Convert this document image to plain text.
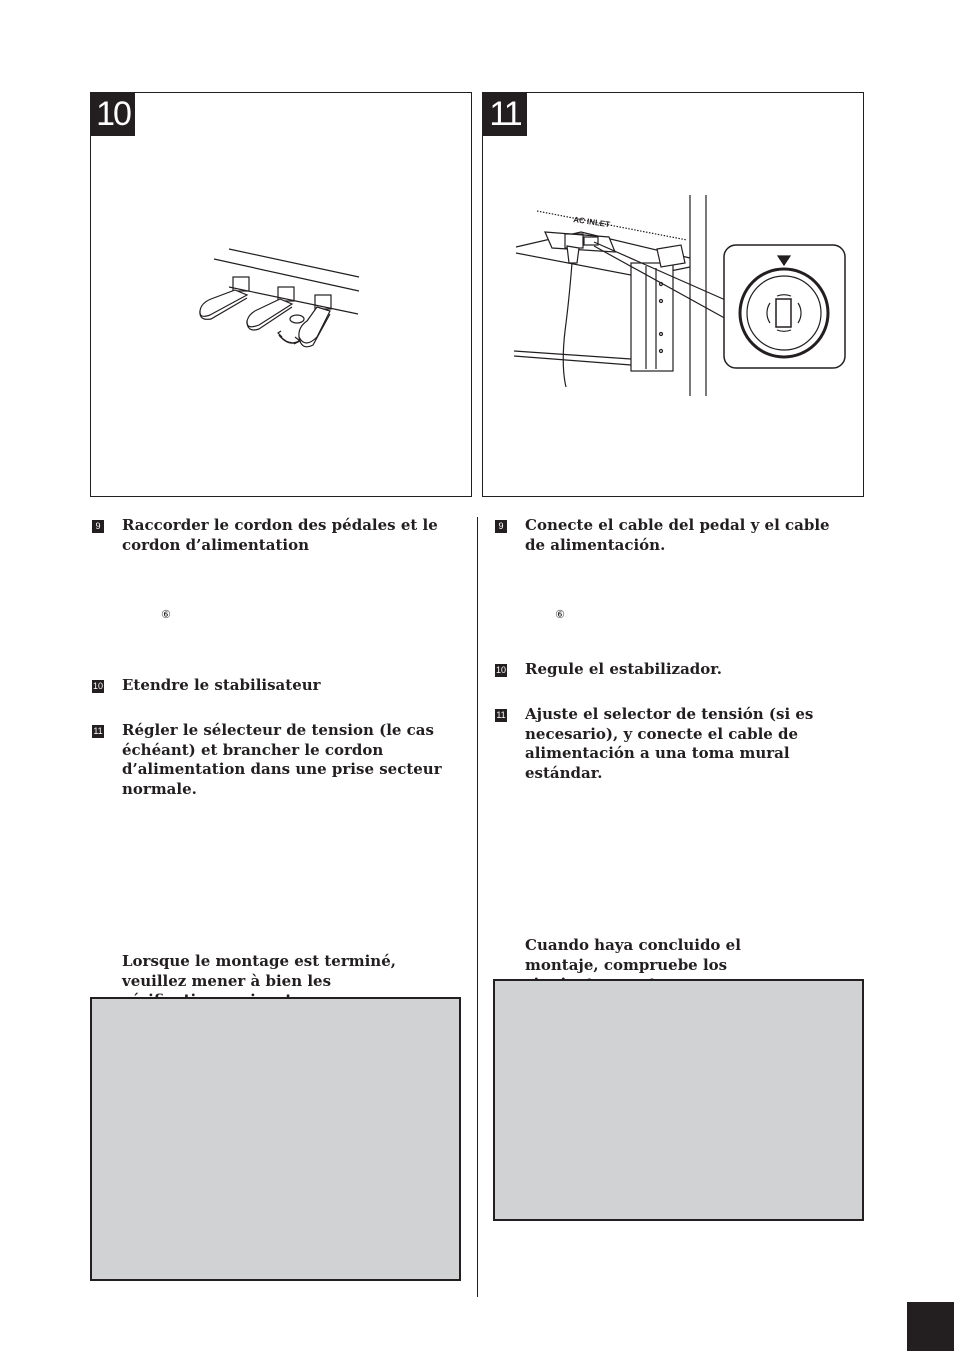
10	11
AC INLET
9 Raccorder le cordon des pédales et le cordon d’alimentation
⑥
10 Etendre le stabilisateur
11 Régler le sélecteur de tension (le cas échéant) et brancher le cordon d’alimentation dans une prise secteur normale.
Lorsque le montage est terminé, veuillez mener à bien les
9 Conecte el cable del pedal y el cable de alimentación.
⑥
10 Regule el estabilizador.
11 Ajuste el selector de tensión (si es necesario), y conecte el cable de alimentación a una toma mural estándar.
Cuando haya concluido el montaje, compruebe los
